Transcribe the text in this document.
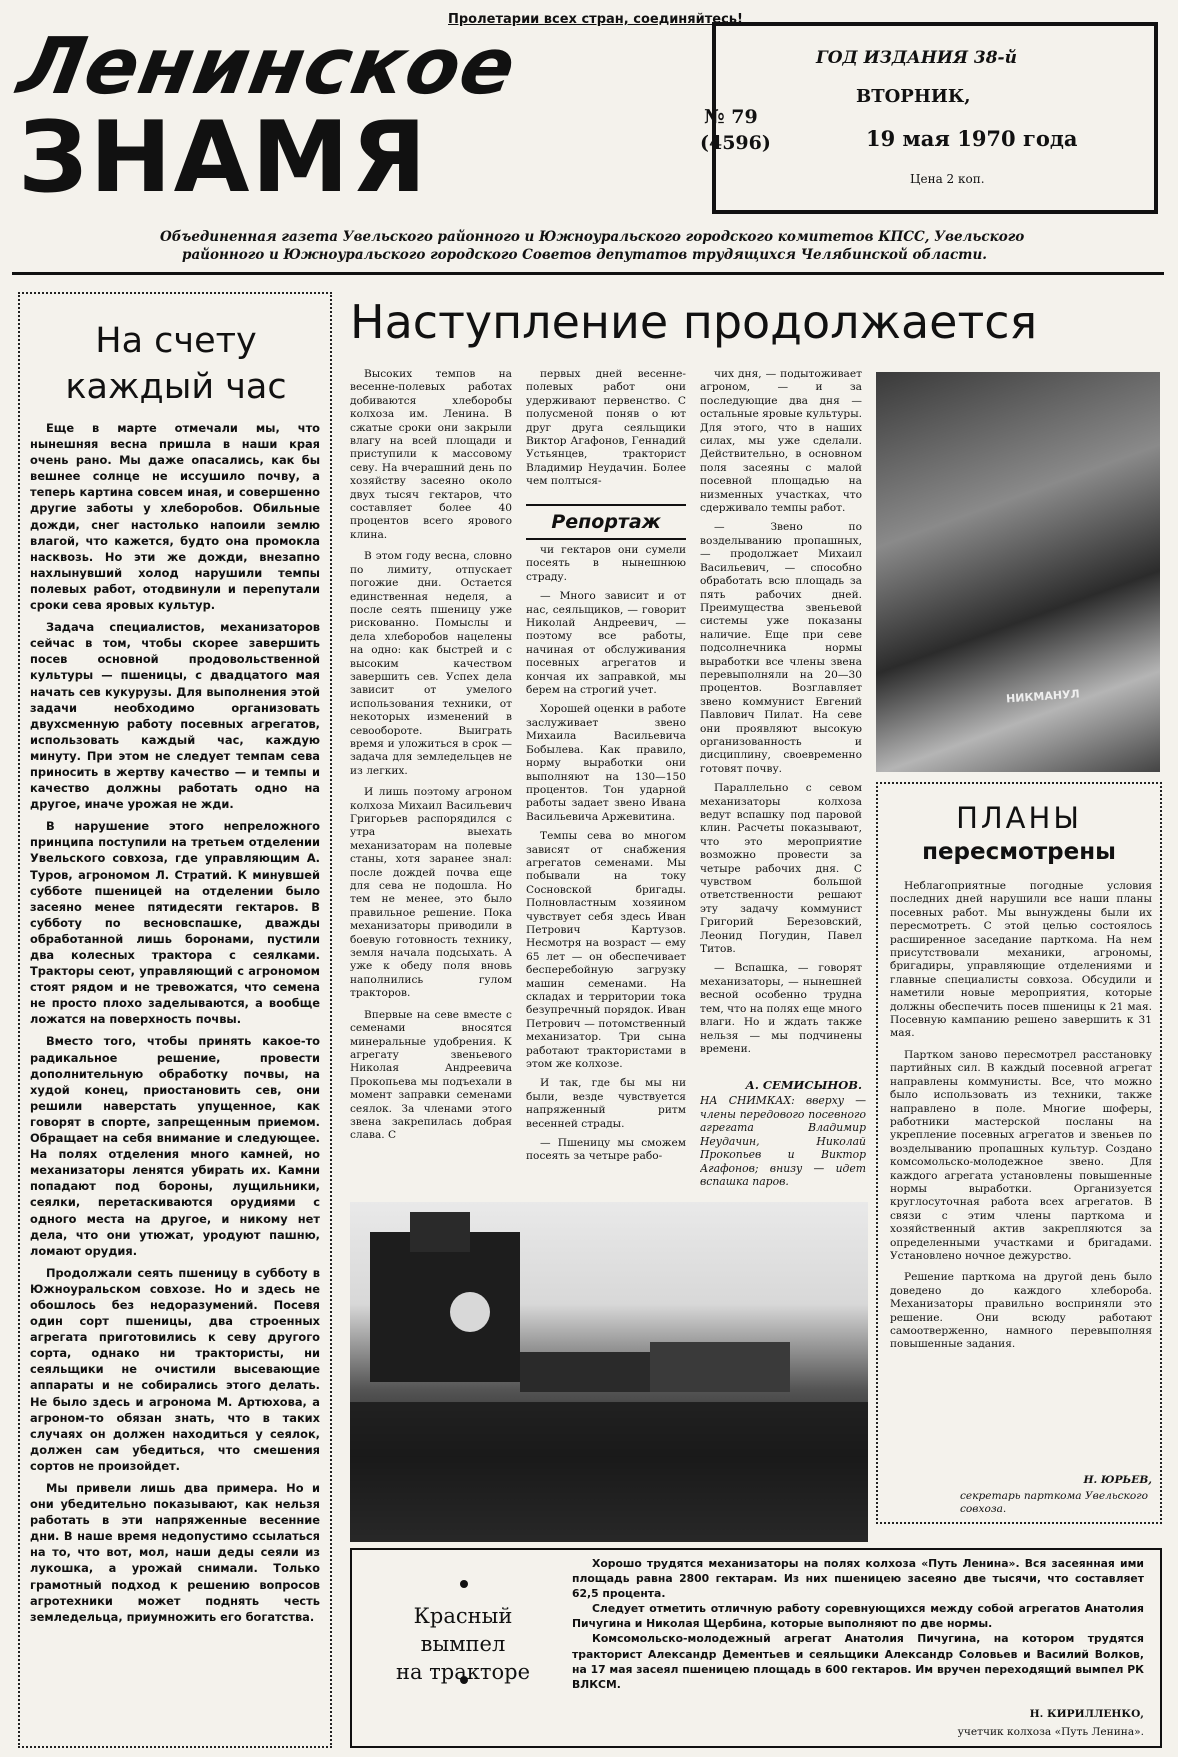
Пролетарии всех стран, соединяйтесь!
Ленинское
ЗНАМЯ	№ 79
(4596)
ГОД ИЗДАНИЯ 38-й
ВТОРНИК,
19 мая 1970 года
Цена 2 коп.
Объединенная газета Увельского районного и Южноуральского городского комитетов КПСС, Увельского
районного и Южноуральского городского Советов депутатов трудящихся Челябинской области.
На счету
каждый час

Еще в марте отмечали мы, что нынешняя весна пришла в наши края очень рано. Мы даже опасались, как бы вешнее солнце не иссушило почву, а теперь картина совсем иная, и совершенно другие заботы у хлеборобов. Обильные дожди, снег настолько напоили землю влагой, что кажется, будто она промокла насквозь. Но эти же дожди, внезапно нахлынувший холод нарушили темпы полевых работ, отодвинули и перепутали сроки сева яровых культур.

Задача специалистов, механизаторов сейчас в том, чтобы скорее завершить посев основной продовольственной культуры — пшеницы, с двадцатого мая начать сев кукурузы. Для выполнения этой задачи необходимо организовать двухсменную работу посевных агрегатов, использовать каждый час, каждую минуту. При этом не следует темпам сева приносить в жертву качество — и темпы и качество должны работать одно на другое, иначе урожая не жди.

В нарушение этого непреложного принципа поступили на третьем отделении Увельского совхоза, где управляющим А. Туров, агрономом Л. Стратий. К минувшей субботе пшеницей на отделении было засеяно менее пятидесяти гектаров. В субботу по весновспашке, дважды обработанной лишь боронами, пустили два колесных трактора с сеялками. Тракторы сеют, управляющий с агрономом стоят рядом и не тревожатся, что семена не просто плохо заделываются, а вообще ложатся на поверхность почвы.

Вместо того, чтобы принять какое-то радикальное решение, провести дополнительную обработку почвы, на худой конец, приостановить сев, они решили наверстать упущенное, как говорят в спорте, запрещенным приемом. Обращает на себя внимание и следующее. На полях отделения много камней, но механизаторы ленятся убирать их. Камни попадают под бороны, лущильники, сеялки, перетаскиваются орудиями с одного места на другое, и никому нет дела, что они утюжат, уродуют пашню, ломают орудия.

Продолжали сеять пшеницу в субботу в Южноуральском совхозе. Но и здесь не обошлось без недоразумений. Посевя один сорт пшеницы, два строенных агрегата приготовились к севу другого сорта, однако ни трактористы, ни сеяльщики не очистили высевающие аппараты и не собирались этого делать. Не было здесь и агронома М. Артюхова, а агроном-то обязан знать, что в таких случаях он должен находиться у сеялок, должен сам убедиться, что смешения сортов не произойдет.

Мы привели лишь два примера. Но и они убедительно показывают, как нельзя работать в эти напряженные весенние дни. В наше время недопустимо ссылаться на то, что вот, мол, наши деды сеяли из лукошка, а урожай снимали. Только грамотный подход к решению вопросов агротехники может поднять честь земледельца, приумножить его богатства.

Наступление продолжается

Высоких темпов на весенне-полевых работах добиваются хлеборобы колхоза им. Ленина. В сжатые сроки они закрыли влагу на всей площади и приступили к массовому севу. На вчерашний день по хозяйству засеяно около двух тысяч гектаров, что составляет более 40 процентов всего ярового клина.

В этом году весна, словно по лимиту, отпускает погожие дни. Остается единственная неделя, а после сеять пшеницу уже рискованно. Помыслы и дела хлеборобов нацелены на одно: как быстрей и с высоким качеством завершить сев. Успех дела зависит от умелого использования техники, от некоторых изменений в севообороте. Выиграть время и уложиться в срок — задача для земледельцев не из легких.

И лишь поэтому агроном колхоза Михаил Васильевич Григорьев распорядился с утра выехать механизаторам на полевые станы, хотя заранее знал: после дождей почва еще для сева не подошла. Но тем не менее, это было правильное решение. Пока механизаторы приводили в боевую готовность технику, земля начала подсыхать. А уже к обеду поля вновь наполнились гулом тракторов.

Впервые на севе вместе с семенами вносятся минеральные удобрения. К агрегату звеньевого Николая Андреевича Прокопьева мы подъехали в момент заправки семенами сеялок. За членами этого звена закрепилась добрая слава. С

первых дней весенне-полевых работ они удерживают первенство. С полусменой поняв о ют друг друга сеяльщики Виктор Агафонов, Геннадий Устьянцев, тракторист Владимир Неудачин. Более чем полтыся-

Репортаж

чи гектаров они сумели посеять в нынешнюю страду.

— Много зависит и от нас, сеяльщиков, — говорит Николай Андреевич, — поэтому все работы, начиная от обслуживания посевных агрегатов и кончая их заправкой, мы берем на строгий учет.

Хорошей оценки в работе заслуживает звено Михаила Васильевича Бобылева. Как правило, норму выработки они выполняют на 130—150 процентов. Тон ударной работы задает звено Ивана Васильевича Аржевитина.

Темпы сева во многом зависят от снабжения агрегатов семенами. Мы побывали на току Сосновской бригады. Полновластным хозяином чувствует себя здесь Иван Петрович Картузов. Несмотря на возраст — ему 65 лет — он обеспечивает бесперебойную загрузку машин семенами. На складах и территории тока безупречный порядок. Иван Петрович — потомственный механизатор. Три сына работают трактористами в этом же колхозе.

И так, где бы мы ни были, везде чувствуется напряженный ритм весенней страды.

— Пшеницу мы сможем посеять за четыре рабо-

чих дня, — подытоживает агроном, — и за последующие два дня — остальные яровые культуры. Для этого, что в наших силах, мы уже сделали. Действительно, в основном поля засеяны с малой посевной площадью на низменных участках, что сдерживало темпы работ.

— Звено по возделыванию пропашных, — продолжает Михаил Васильевич, — способно обработать всю площадь за пять рабочих дней. Преимущества звеньевой системы уже показаны наличие. Еще при севе подсолнечника нормы выработки все члены звена перевыполняли на 20—30 процентов. Возглавляет звено коммунист Евгений Павлович Пилат. На севе они проявляют высокую организованность и дисциплину, своевременно готовят почву.

Параллельно с севом механизаторы колхоза ведут вспашку под паровой клин. Расчеты показывают, что это мероприятие возможно провести за четыре рабочих дня. С чувством большой ответственности решают эту задачу коммунист Григорий Березовский, Леонид Погудин, Павел Титов.

— Вспашка, — говорят механизаторы, — нынешней весной особенно трудна тем, что на полях еще много влаги. Но и ждать также нельзя — мы подчинены времени.

А. СЕМИСЫНОВ.
НА СНИМКАХ: вверху — члены передового посевного агрегата Владимир Неудачин, Николай Прокопьев и Виктор Агафонов; внизу — идет вспашка паров.
НИКМАНУЛ
ПЛАНЫ
пересмотрены

Неблагоприятные погодные условия последних дней нарушили все наши планы посевных работ. Мы вынуждены были их пересмотреть. С этой целью состоялось расширенное заседание парткома. На нем присутствовали механики, агрономы, бригадиры, управляющие отделениями и главные специалисты совхоза. Обсудили и наметили новые мероприятия, которые должны обеспечить посев пшеницы к 21 мая. Посевную кампанию решено завершить к 31 мая.

Партком заново пересмотрел расстановку партийных сил. В каждый посевной агрегат направлены коммунисты. Все, что можно было использовать из техники, также направлено в поле. Многие шоферы, работники мастерской посланы на укрепление посевных агрегатов и звеньев по возделыванию пропашных культур. Создано комсомольско-молодежное звено. Для каждого агрегата установлены повышенные нормы выработки. Организуется круглосуточная работа всех агрегатов. В связи с этим члены парткома и хозяйственный актив закрепляются за определенными участками и бригадами. Установлено ночное дежурство.

Решение парткома на другой день было доведено до каждого хлебороба. Механизаторы правильно восприняли это решение. Они всюду работают самоотверженно, намного перевыполняя повышенные задания.

Н. ЮРЬЕВ,
секретарь парткома Увельского совхоза.
Красный
вымпел
на тракторе

Хорошо трудятся механизаторы на полях колхоза «Путь Ленина». Вся засеянная ими площадь равна 2800 гектарам. Из них пшеницею засеяно две тысячи, что составляет 62,5 процента.

Следует отметить отличную работу соревнующихся между собой агрегатов Анатолия Пичугина и Николая Щербина, которые выполняют по две нормы.

Комсомольско-молодежный агрегат Анатолия Пичугина, на котором трудятся тракторист Александр Дементьев и сеяльщики Александр Соловьев и Василий Волков, на 17 мая засеял пшеницею площадь в 600 гектаров. Им вручен переходящий вымпел РК ВЛКСМ.

Н. КИРИЛЛЕНКО,
учетчик колхоза «Путь Ленина».
